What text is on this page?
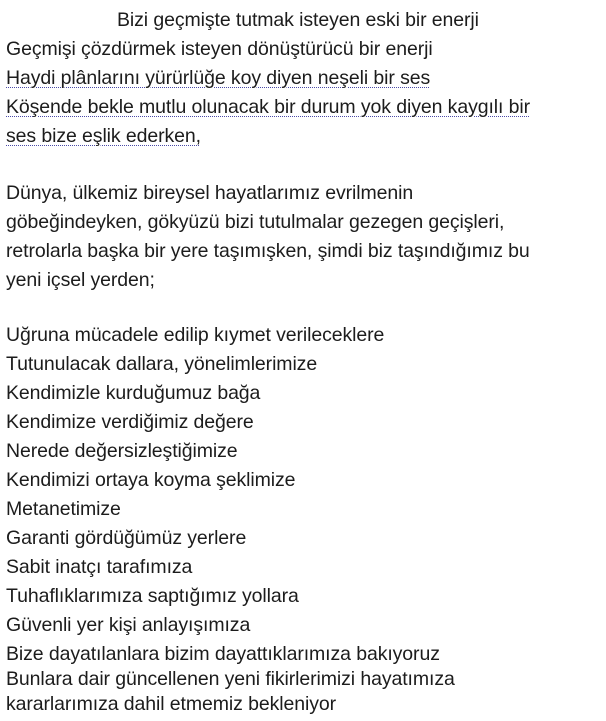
Bizi geçmişte tutmak isteyen eski bir enerji
Geçmişi çözdürmek isteyen dönüştürücü bir enerji
Haydi plânlarını yürürlüğe koy diyen neşeli bir ses
Köşende bekle mutlu olunacak bir durum yok diyen kaygılı bir
ses bize eşlik ederken,
Dünya, ülkemiz bireysel hayatlarımız evrilmenin
göbeğindeyken, gökyüzü bizi tutulmalar gezegen geçişleri,
retrolarla başka bir yere taşımışken, şimdi biz taşındığımız bu
yeni içsel yerden;
Uğruna mücadele edilip kıymet verileceklere
Tutunulacak dallara, yönelimlerimize
Kendimizle kurduğumuz bağa
Kendimize verdiğimiz değere
Nerede değersizleştiğimize
Kendimizi ortaya koyma şeklimize
Metanetimize
Garanti gördüğümüz yerlere
Sabit inatçı tarafımıza
Tuhaflıklarımıza saptığımız yollara
Güvenli yer kişi anlayışımıza
Bize dayatılanlara bizim dayattıklarımıza bakıyoruz
Bunlara dair güncellenen yeni fikirlerimizi hayatımıza
kararlarımıza dahil etmemiz bekleniyor
